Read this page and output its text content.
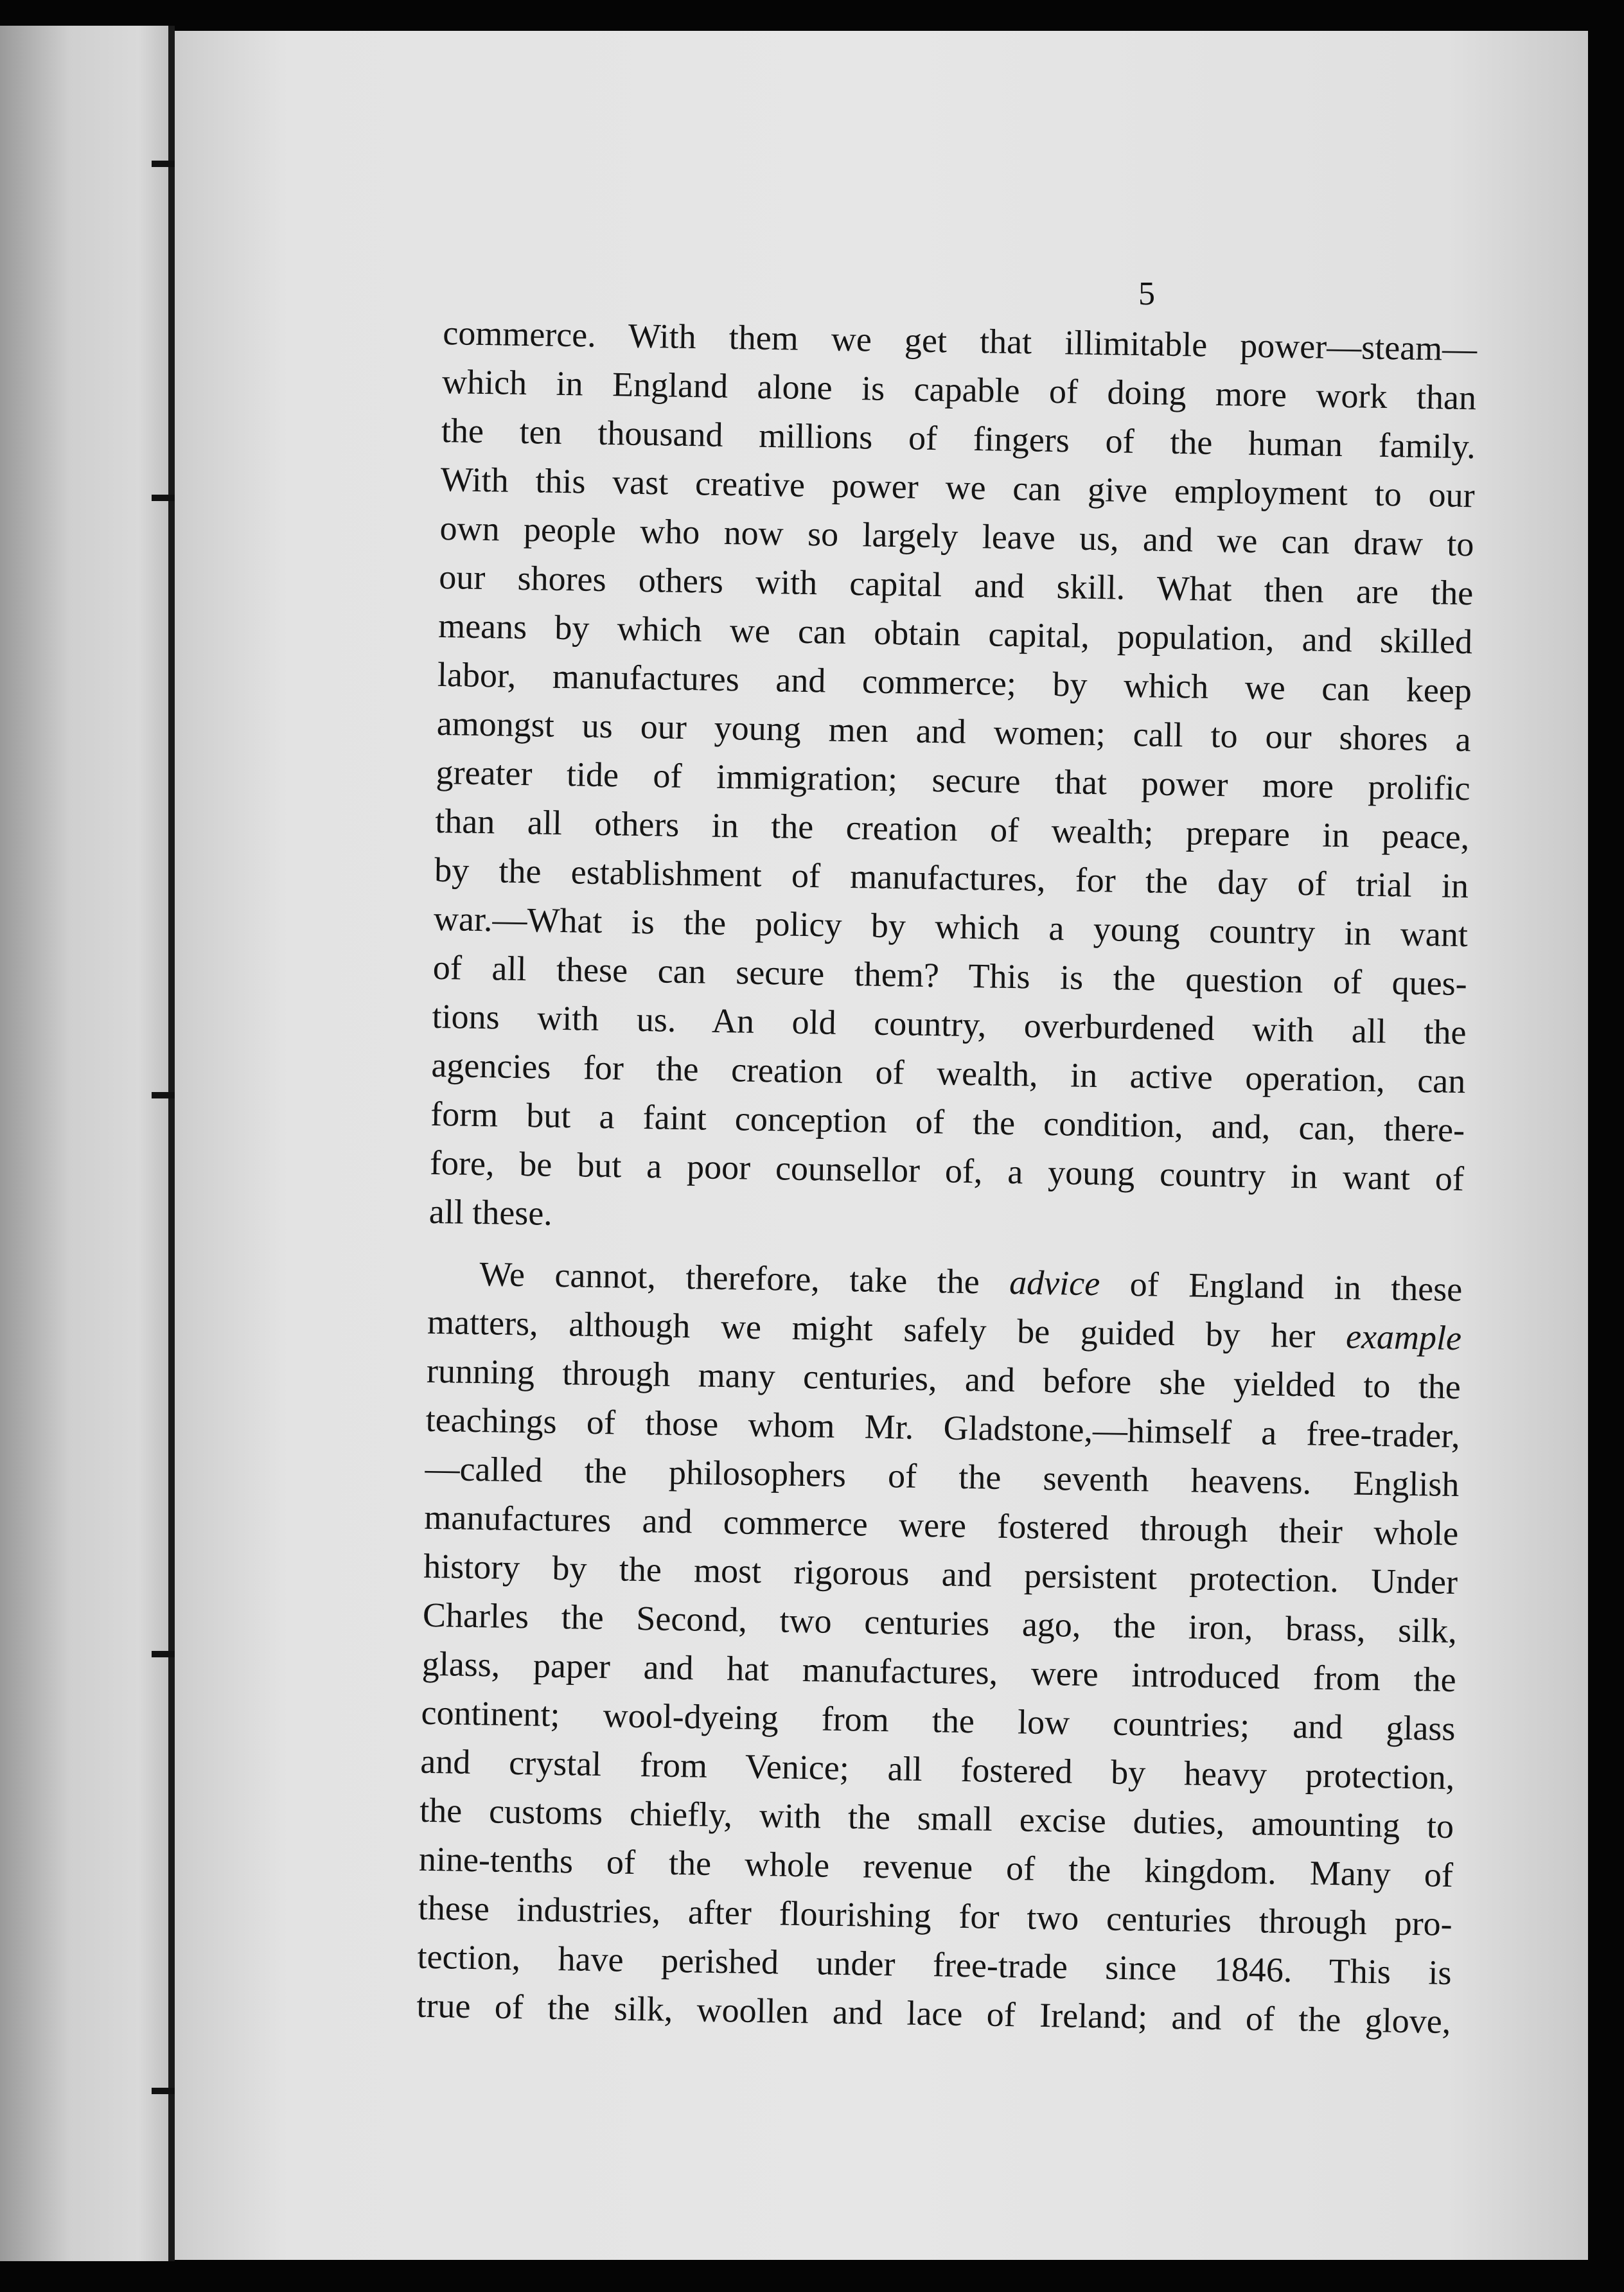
5
commerce. With them we get that illimitable power—steam—
which in England alone is capable of doing more work than
the ten thousand millions of fingers of the human family.
With this vast creative power we can give employment to our
own people who now so largely leave us, and we can draw to
our shores others with capital and skill. What then are the
means by which we can obtain capital, population, and skilled
labor, manufactures and commerce; by which we can keep
amongst us our young men and women; call to our shores a
greater tide of immigration; secure that power more prolific
than all others in the creation of wealth; prepare in peace,
by the establishment of manufactures, for the day of trial in
war.—What is the policy by which a young country in want
of all these can secure them? This is the question of ques-
tions with us. An old country, overburdened with all the
agencies for the creation of wealth, in active operation, can
form but a faint conception of the condition, and, can, there-
fore, be but a poor counsellor of, a young country in want of
all these.
We cannot, therefore, take the advice of England in these
matters, although we might safely be guided by her example
running through many centuries, and before she yielded to the
teachings of those whom Mr. Gladstone,—himself a free-trader,
—called the philosophers of the seventh heavens. English
manufactures and commerce were fostered through their whole
history by the most rigorous and persistent protection. Under
Charles the Second, two centuries ago, the iron, brass, silk,
glass, paper and hat manufactures, were introduced from the
continent; wool-dyeing from the low countries; and glass
and crystal from Venice; all fostered by heavy protection,
the customs chiefly, with the small excise duties, amounting to
nine-tenths of the whole revenue of the kingdom. Many of
these industries, after flourishing for two centuries through pro-
tection, have perished under free-trade since 1846. This is
true of the silk, woollen and lace of Ireland; and of the glove,
